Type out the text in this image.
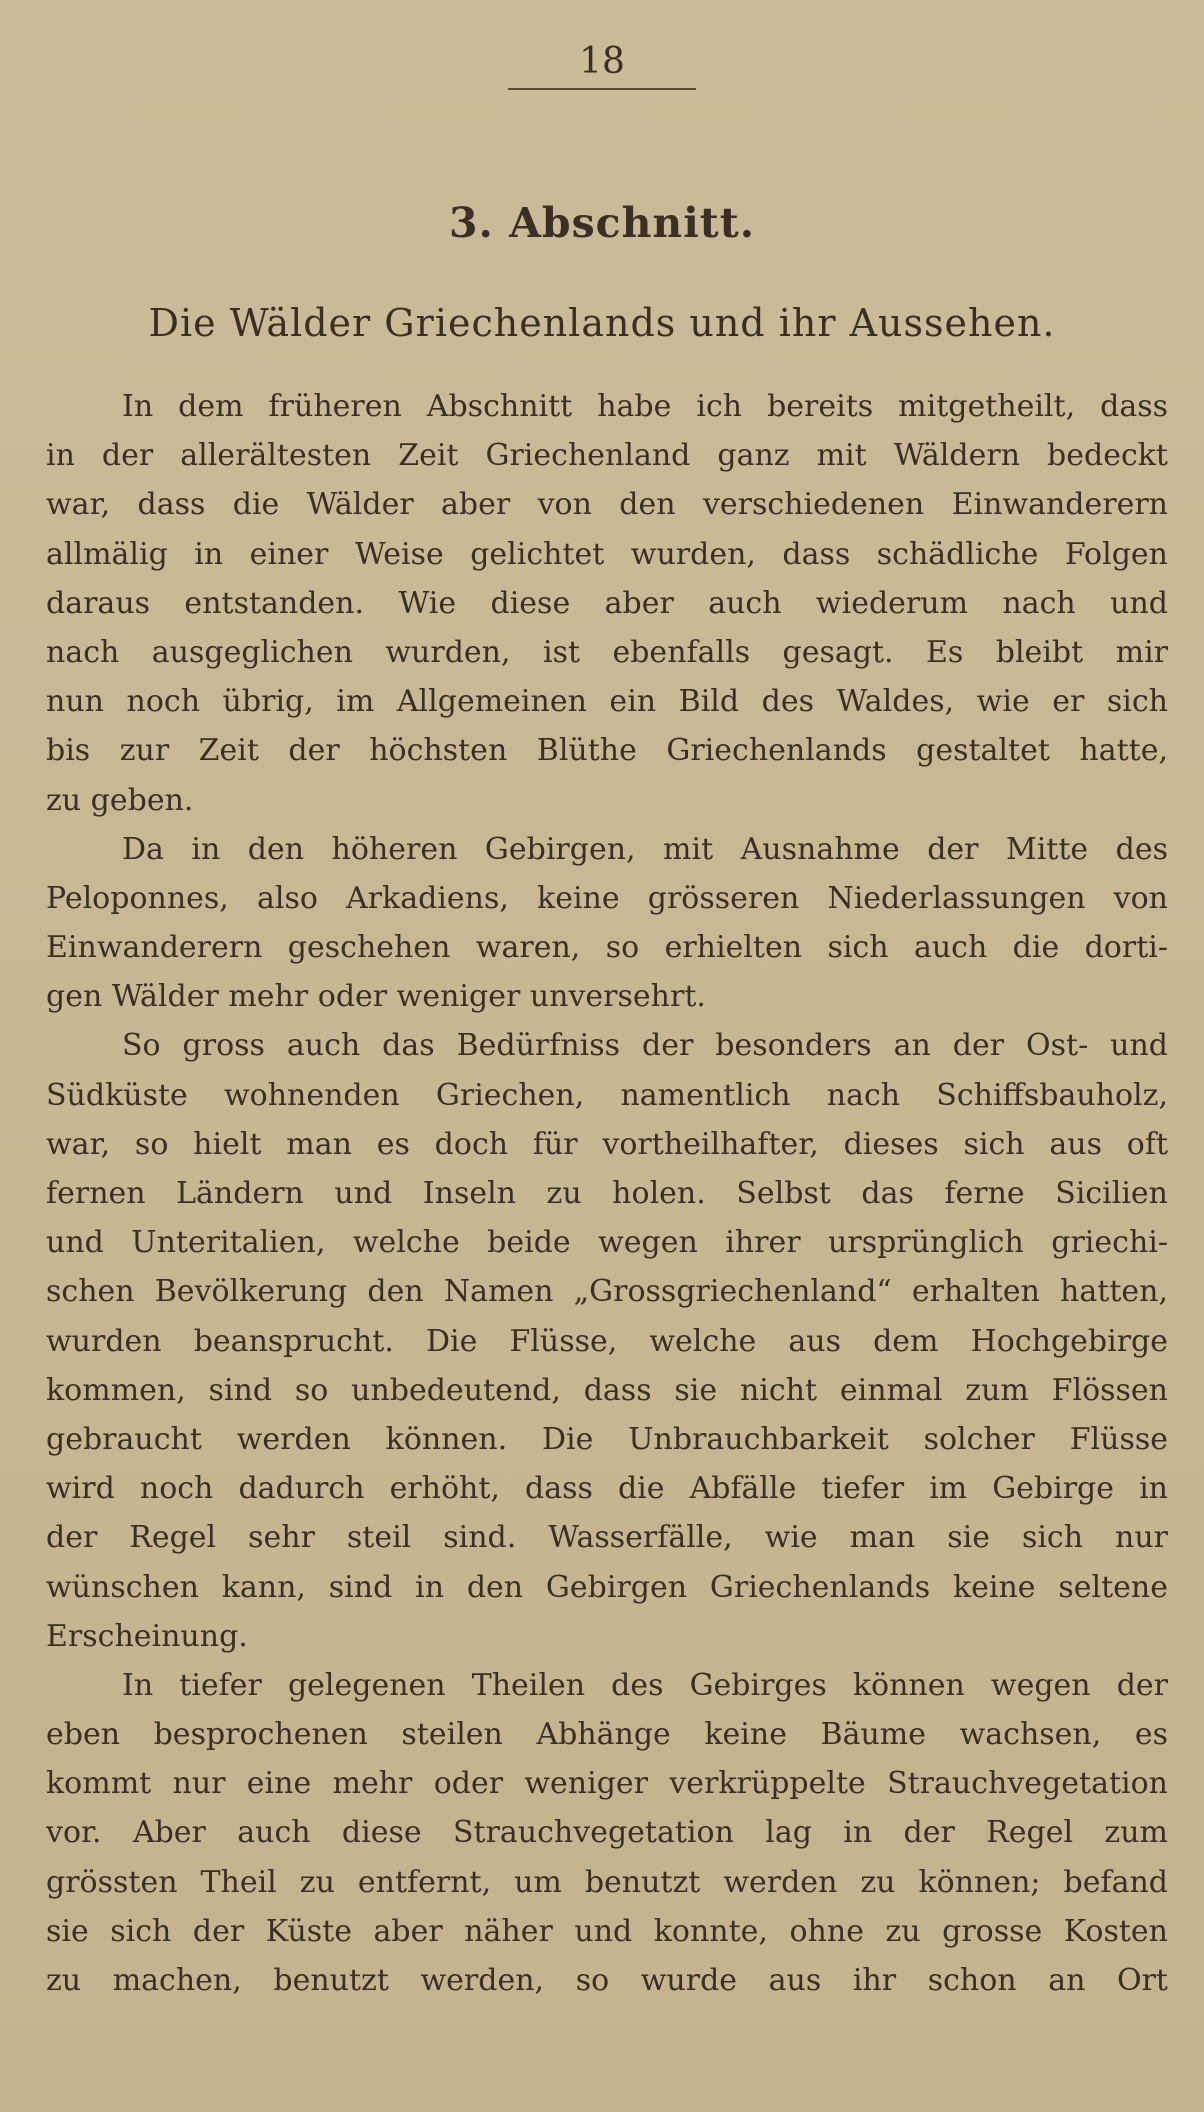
18
3. Abschnitt.
Die Wälder Griechenlands und ihr Aussehen.
In dem früheren Abschnitt habe ich bereits mitgetheilt, dass
in der allerältesten Zeit Griechenland ganz mit Wäldern bedeckt
war, dass die Wälder aber von den verschiedenen Einwanderern
allmälig in einer Weise gelichtet wurden, dass schädliche Folgen
daraus entstanden. Wie diese aber auch wiederum nach und
nach ausgeglichen wurden, ist ebenfalls gesagt. Es bleibt mir
nun noch übrig, im Allgemeinen ein Bild des Waldes, wie er sich
bis zur Zeit der höchsten Blüthe Griechenlands gestaltet hatte,
zu geben.
Da in den höheren Gebirgen, mit Ausnahme der Mitte des
Peloponnes, also Arkadiens, keine grösseren Niederlassungen von
Einwanderern geschehen waren, so erhielten sich auch die dorti-
gen Wälder mehr oder weniger unversehrt.
So gross auch das Bedürfniss der besonders an der Ost- und
Südküste wohnenden Griechen, namentlich nach Schiffsbauholz,
war, so hielt man es doch für vortheilhafter, dieses sich aus oft
fernen Ländern und Inseln zu holen. Selbst das ferne Sicilien
und Unteritalien, welche beide wegen ihrer ursprünglich griechi-
schen Bevölkerung den Namen „Grossgriechenland“ erhalten hatten,
wurden beansprucht. Die Flüsse, welche aus dem Hochgebirge
kommen, sind so unbedeutend, dass sie nicht einmal zum Flössen
gebraucht werden können. Die Unbrauchbarkeit solcher Flüsse
wird noch dadurch erhöht, dass die Abfälle tiefer im Gebirge in
der Regel sehr steil sind. Wasserfälle, wie man sie sich nur
wünschen kann, sind in den Gebirgen Griechenlands keine seltene
Erscheinung.
In tiefer gelegenen Theilen des Gebirges können wegen der
eben besprochenen steilen Abhänge keine Bäume wachsen, es
kommt nur eine mehr oder weniger verkrüppelte Strauchvegetation
vor. Aber auch diese Strauchvegetation lag in der Regel zum
grössten Theil zu entfernt, um benutzt werden zu können; befand
sie sich der Küste aber näher und konnte, ohne zu grosse Kosten
zu machen, benutzt werden, so wurde aus ihr schon an Ort
